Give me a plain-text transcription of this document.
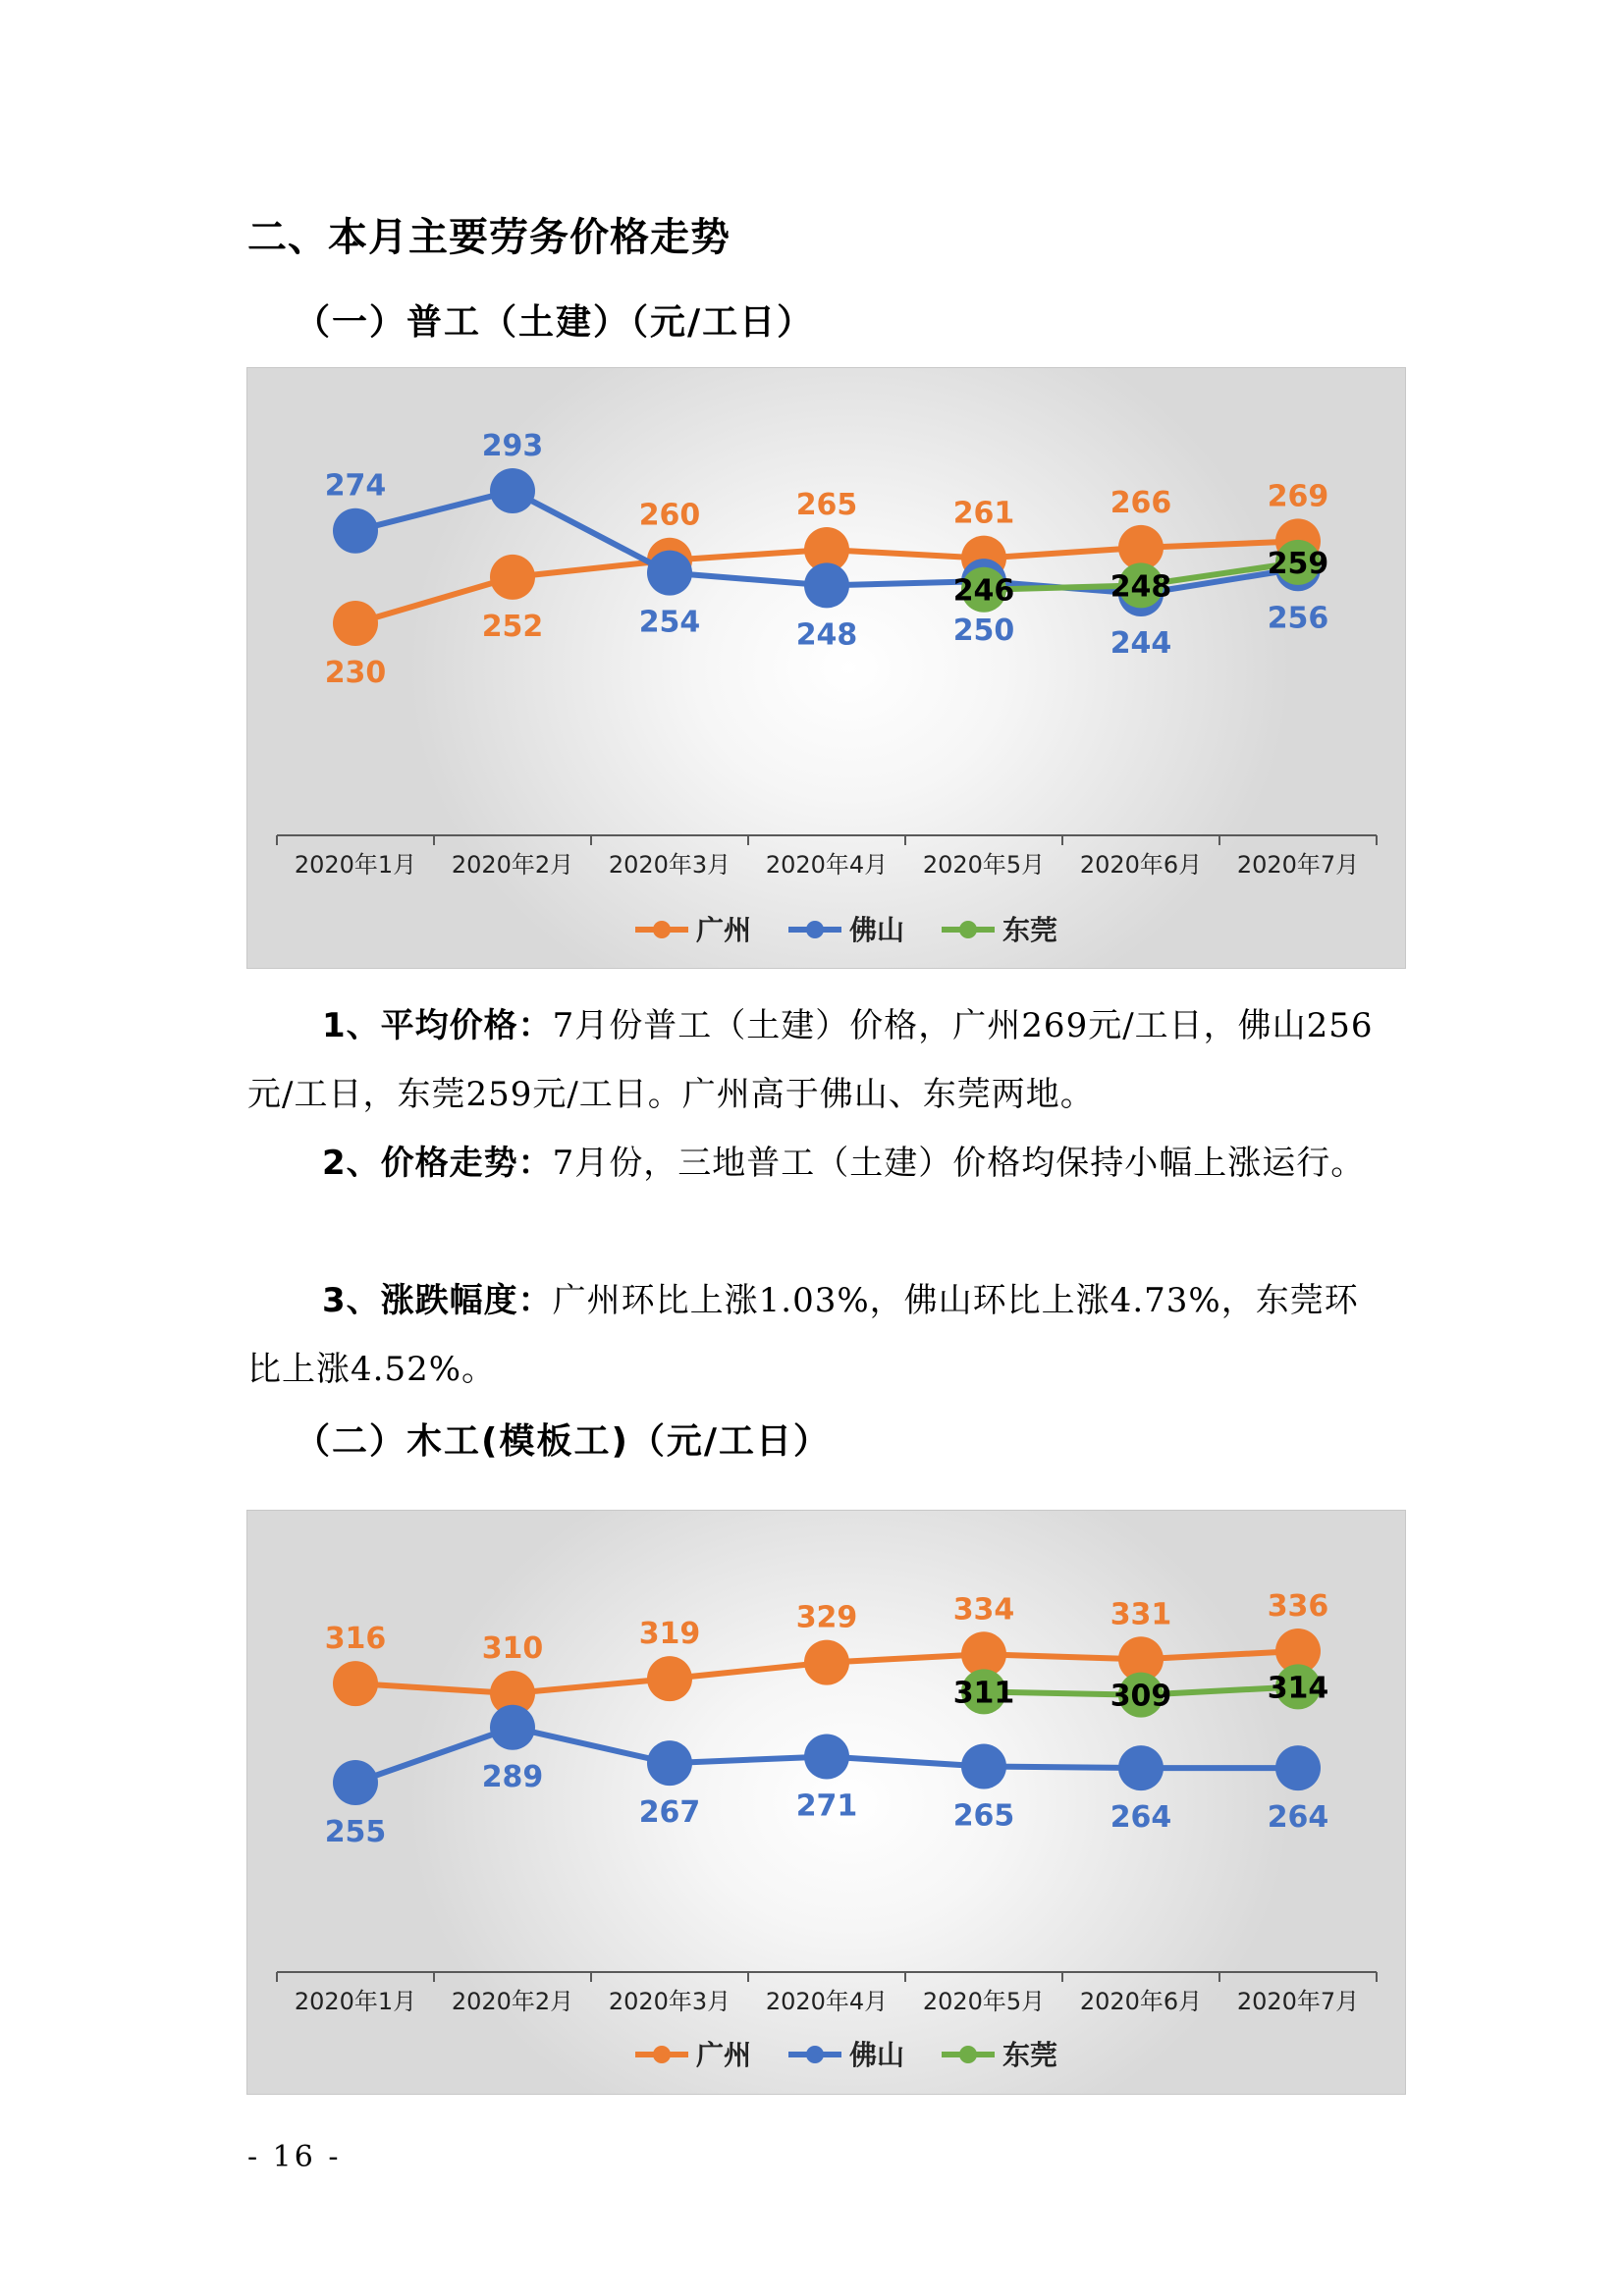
二、本月主要劳务价格走势
（一）普工（土建）（元/工日）
2020年1月 2020年2月 2020年3月 2020年4月 2020年5月 2020年6月 2020年7月
230
252
260	265	261	266	269
274
293
254	248	250	244
256
246	248
259
广州	佛山	东莞
1、平均价格：7月份普工（土建）价格，广州269元/工日，佛山256元/工日，东莞259元/工日。广州高于佛山、东莞两地。
2、价格走势：7月份，三地普工（土建）价格均保持小幅上涨运行。
3、涨跌幅度：广州环比上涨1.03%，佛山环比上涨4.73%，东莞环比上涨4.52%。
（二）木工(模板工)（元/工日）
2020年1月 2020年2月 2020年3月 2020年4月 2020年5月 2020年6月 2020年7月
316	310	319	329	334	331	336
255
289
267	271	265	264	264
311	309	314
广州	佛山	东莞
- 16 -
